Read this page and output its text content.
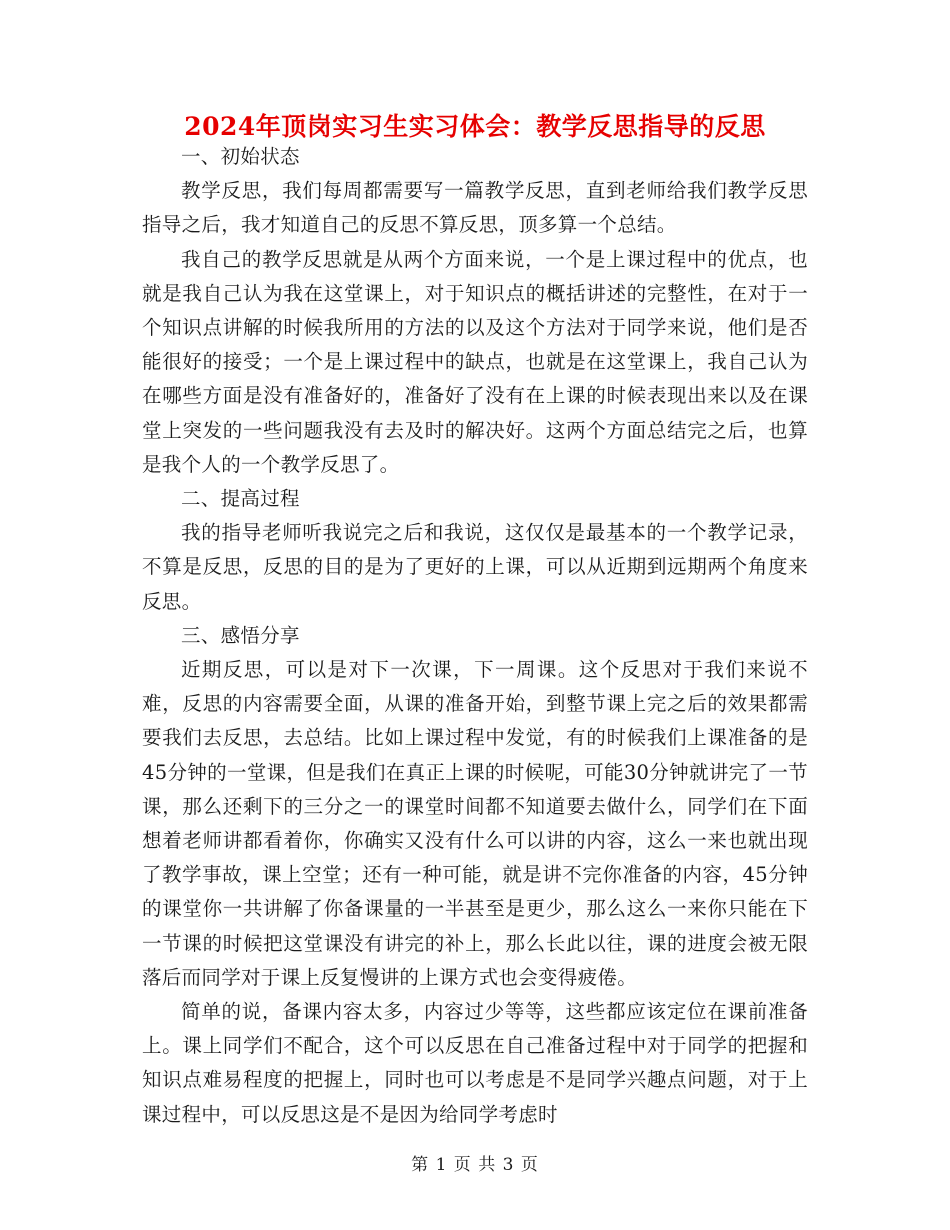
2024年顶岗实习生实习体会：教学反思指导的反思

一、初始状态

教学反思，我们每周都需要写一篇教学反思，直到老师给我们教学反思指导之后，我才知道自己的反思不算反思，顶多算一个总结。

我自己的教学反思就是从两个方面来说，一个是上课过程中的优点，也就是我自己认为我在这堂课上，对于知识点的概括讲述的完整性，在对于一个知识点讲解的时候我所用的方法的以及这个方法对于同学来说，他们是否能很好的接受；一个是上课过程中的缺点，也就是在这堂课上，我自己认为在哪些方面是没有准备好的，准备好了没有在上课的时候表现出来以及在课堂上突发的一些问题我没有去及时的解决好。这两个方面总结完之后，也算是我个人的一个教学反思了。

二、提高过程

我的指导老师听我说完之后和我说，这仅仅是最基本的一个教学记录，不算是反思，反思的目的是为了更好的上课，可以从近期到远期两个角度来反思。

三、感悟分享

近期反思，可以是对下一次课，下一周课。这个反思对于我们来说不难，反思的内容需要全面，从课的准备开始，到整节课上完之后的效果都需要我们去反思，去总结。比如上课过程中发觉，有的时候我们上课准备的是45分钟的一堂课，但是我们在真正上课的时候呢，可能30分钟就讲完了一节课，那么还剩下的三分之一的课堂时间都不知道要去做什么，同学们在下面想着老师讲都看着你，你确实又没有什么可以讲的内容，这么一来也就出现了教学事故，课上空堂；还有一种可能，就是讲不完你准备的内容，45分钟的课堂你一共讲解了你备课量的一半甚至是更少，那么这么一来你只能在下一节课的时候把这堂课没有讲完的补上，那么长此以往，课的进度会被无限落后而同学对于课上反复慢讲的上课方式也会变得疲倦。

简单的说，备课内容太多，内容过少等等，这些都应该定位在课前准备上。课上同学们不配合，这个可以反思在自己准备过程中对于同学的把握和知识点难易程度的把握上，同时也可以考虑是不是同学兴趣点问题，对于上课过程中，可以反思这是不是因为给同学考虑时

第 1 页 共 3 页
